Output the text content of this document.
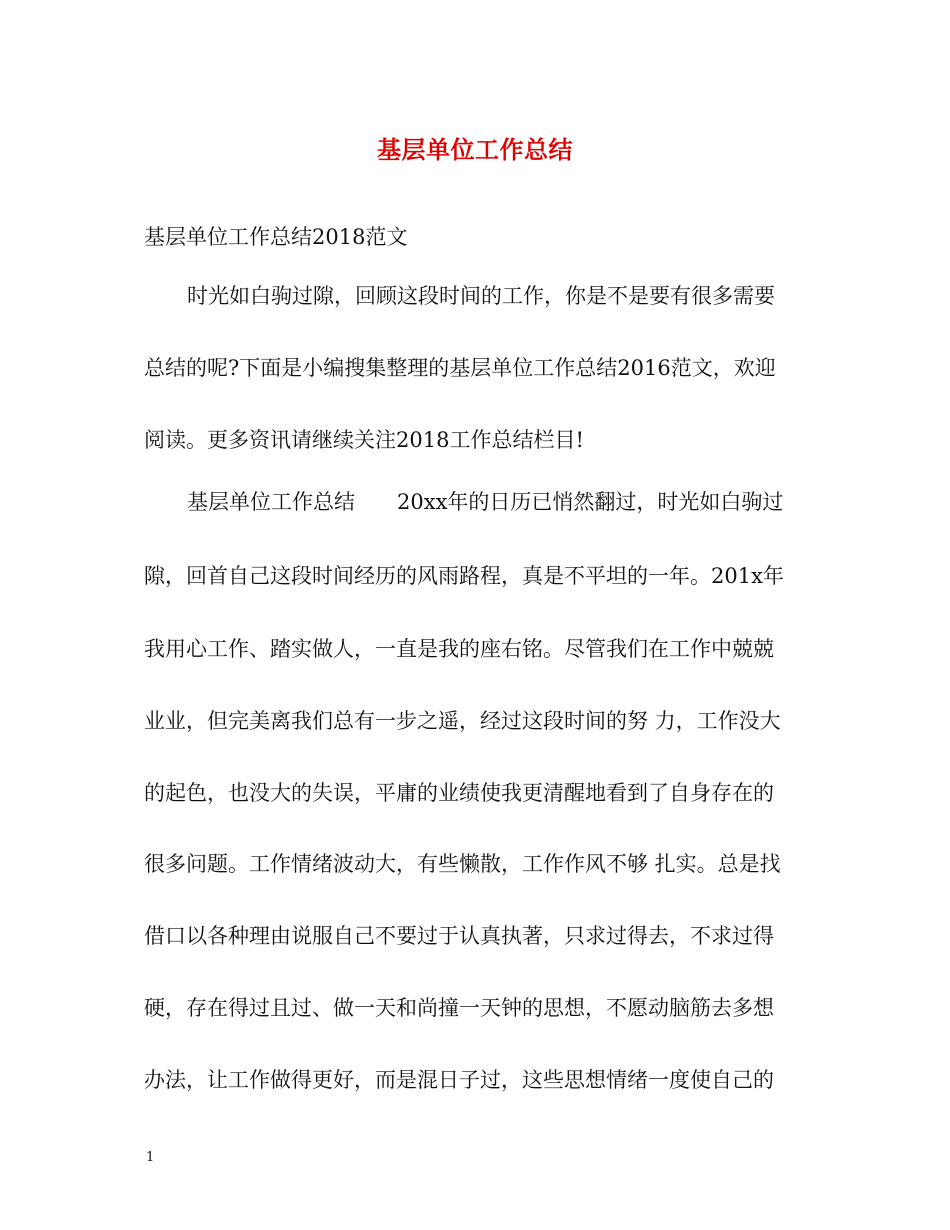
基层单位工作总结
基层单位工作总结2018范文
时光如白驹过隙，回顾这段时间的工作，你是不是要有很多需要
总结的呢?下面是小编搜集整理的基层单位工作总结2016范文，欢迎
阅读。更多资讯请继续关注2018工作总结栏目!
基层单位工作总结　　20xx年的日历已悄然翻过，时光如白驹过
隙，回首自己这段时间经历的风雨路程，真是不平坦的一年。201x年
我用心工作、踏实做人，一直是我的座右铭。尽管我们在工作中兢兢
业业，但完美离我们总有一步之遥，经过这段时间的努 力，工作没大
的起色，也没大的失误，平庸的业绩使我更清醒地看到了自身存在的
很多问题。工作情绪波动大，有些懒散，工作作风不够 扎实。总是找
借口以各种理由说服自己不要过于认真执著，只求过得去，不求过得
硬，存在得过且过、做一天和尚撞一天钟的思想，不愿动脑筋去多想
办法，让工作做得更好，而是混日子过，这些思想情绪一度使自己的
1
